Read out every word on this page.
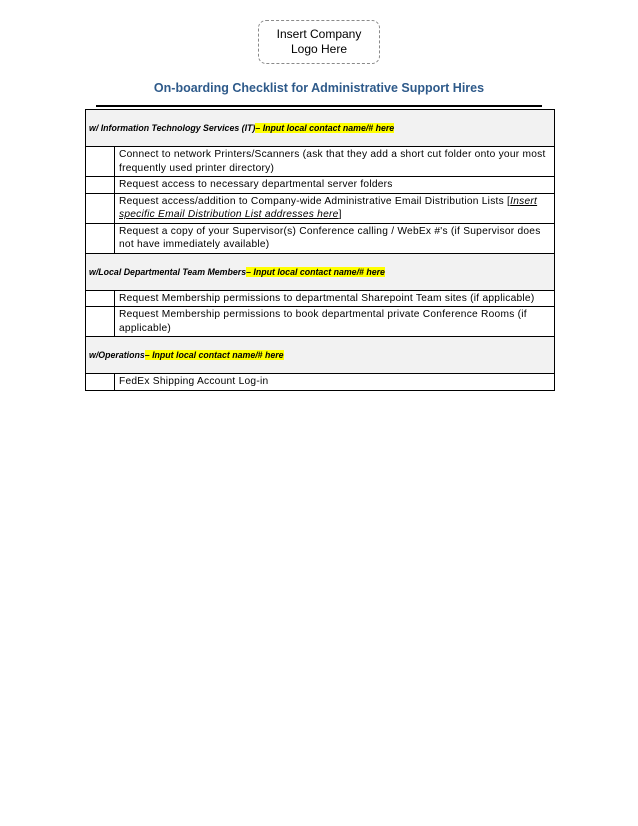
Insert Company
Logo Here
On-boarding Checklist for Administrative Support Hires
w/ Information Technology Services (IT) – Input local contact name/# here
Connect to network Printers/Scanners (ask that they add a short cut folder onto your most frequently used printer directory)
Request access to necessary departmental server folders
Request access/addition to Company-wide Administrative Email Distribution Lists [Insert specific Email Distribution List addresses here]
Request a copy of your Supervisor(s) Conference calling / WebEx #'s (if Supervisor does not have immediately available)
w/Local Departmental Team Members – Input local contact name/# here
Request Membership permissions to departmental Sharepoint Team sites (if applicable)
Request Membership permissions to book departmental private Conference Rooms (if applicable)
w/Operations – Input local contact name/# here
FedEx Shipping Account Log-in
